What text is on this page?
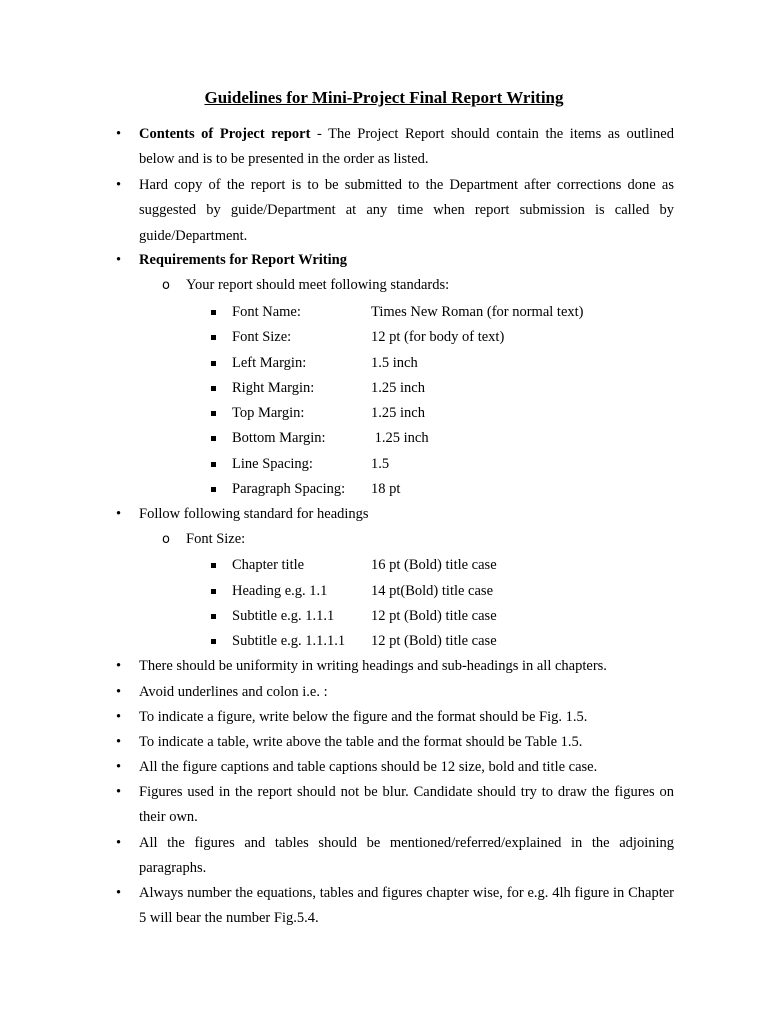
Guidelines for Mini-Project Final Report Writing
• Contents of Project report - The Project Report should contain the items as outlined below and is to be presented in the order as listed.
• Hard copy of the report is to be submitted to the Department after corrections done as suggested by guide/Department at any time when report submission is called by guide/Department.
• Requirements for Report Writing
o Your report should meet following standards:
Font Name:	Times New Roman (for normal text)
Font Size:	12 pt (for body of text)
Left Margin:	1.5 inch
Right Margin:	1.25 inch
Top Margin:	1.25 inch
Bottom Margin:	1.25 inch
Line Spacing:	1.5
Paragraph Spacing: 18 pt
• Follow following standard for headings
o Font Size:
Chapter title	16 pt (Bold) title case
Heading e.g. 1.1	14 pt(Bold) title case
Subtitle e.g. 1.1.1	12 pt (Bold) title case
Subtitle e.g. 1.1.1.1 12 pt (Bold) title case
• There should be uniformity in writing headings and sub-headings in all chapters.
• Avoid underlines and colon i.e. :
• To indicate a figure, write below the figure and the format should be Fig. 1.5.
• To indicate a table, write above the table and the format should be Table 1.5.
• All the figure captions and table captions should be 12 size, bold and title case.
• Figures used in the report should not be blur. Candidate should try to draw the figures on their own.
• All the figures and tables should be mentioned/referred/explained in the adjoining paragraphs.
• Always number the equations, tables and figures chapter wise, for e.g. 4lh figure in Chapter 5 will bear the number Fig.5.4.
